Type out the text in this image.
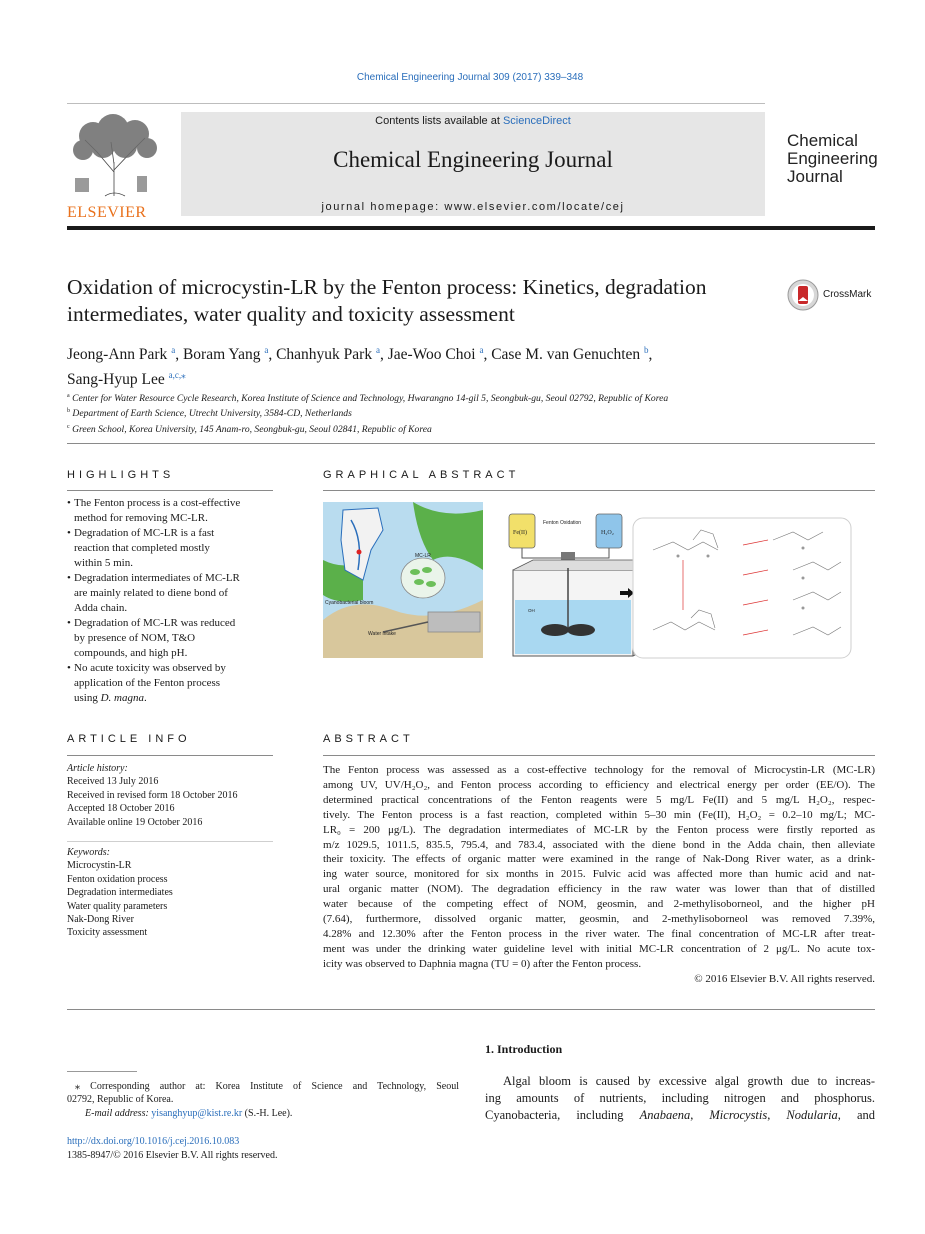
Chemical Engineering Journal 309 (2017) 339–348
ELSEVIER
Contents lists available at ScienceDirect
Chemical Engineering Journal
journal homepage: www.elsevier.com/locate/cej
Chemical
Engineering
Journal
Oxidation of microcystin-LR by the Fenton process: Kinetics, degradation
intermediates, water quality and toxicity assessment
CrossMark
Jeong-Ann Park $^a$, Boram Yang $^a$, Chanhyuk Park $^a$, Jae-Woo Choi $^a$, Case M. van Genuchten $^b$,
Sang-Hyup Lee $^{a,c,⁎}$
$^a$ Center for Water Resource Cycle Research, Korea Institute of Science and Technology, Hwarangno 14-gil 5, Seongbuk-gu, Seoul 02792, Republic of Korea
$^b$ Department of Earth Science, Utrecht University, 3584-CD, Netherlands
$^c$ Green School, Korea University, 145 Anam-ro, Seongbuk-gu, Seoul 02841, Republic of Korea
HIGHLIGHTS
• The Fenton process is a cost-effective
method for removing MC-LR.
• Degradation of MC-LR is a fast
reaction that completed mostly
within 5 min.
• Degradation intermediates of MC-LR
are mainly related to diene bond of
Adda chain.
• Degradation of MC-LR was reduced
by presence of NOM, T&O
compounds, and high pH.
• No acute toxicity was observed by
application of the Fenton process
using D. magna.
GRAPHICAL ABSTRACT
Cyanobacterial bloom
Water intake
MC-LR
Fe(II)	H₂O₂
Fenton Oxidation
OH
ARTICLE INFO
Article history:
Received 13 July 2016
Received in revised form 18 October 2016
Accepted 18 October 2016
Available online 19 October 2016
Keywords:
Microcystin-LR
Fenton oxidation process
Degradation intermediates
Water quality parameters
Nak-Dong River
Toxicity assessment
ABSTRACT
The Fenton process was assessed as a cost-effective technology for the removal of Microcystin-LR (MC-LR)
among UV, UV/H₂O₂, and Fenton process according to efficiency and electrical energy per order (EE/O). The
determined practical concentrations of the Fenton reagents were 5 mg/L Fe(II) and 5 mg/L H₂O₂, respec-
tively. The Fenton process is a fast reaction, completed within 5–30 min (Fe(II), H₂O₂ = 0.2–10 mg/L; MC-
LR₀ = 200 μg/L). The degradation intermediates of MC-LR by the Fenton process were firstly reported as
m/z 1029.5, 1011.5, 835.5, 795.4, and 783.4, associated with the diene bond in the Adda chain, then alleviate
their toxicity. The effects of organic matter were examined in the range of Nak-Dong River water, as a drink-
ing water source, monitored for six months in 2015. Fulvic acid was affected more than humic acid and nat-
ural organic matter (NOM). The degradation efficiency in the raw water was lower than that of distilled
water because of the competing effect of NOM, geosmin, and 2-methylisoborneol, and the higher pH
(7.64), furthermore, dissolved organic matter, geosmin, and 2-methylisoborneol was removed 7.39%,
4.28% and 12.30% after the Fenton process in the river water. The final concentration of MC-LR after treat-
ment was under the drinking water guideline level with initial MC-LR concentration of 2 μg/L. No acute tox-
icity was observed to Daphnia magna (TU = 0) after the Fenton process.
© 2016 Elsevier B.V. All rights reserved.
1. Introduction
Algal bloom is caused by excessive algal growth due to increas-
ing amounts of nutrients, including nitrogen and phosphorus.
Cyanobacteria, including Anabaena, Microcystis, Nodularia, and
⁎ Corresponding author at: Korea Institute of Science and Technology, Seoul
02792, Republic of Korea.
E-mail address: yisanghyup@kist.re.kr (S.-H. Lee).
http://dx.doi.org/10.1016/j.cej.2016.10.083
1385-8947/© 2016 Elsevier B.V. All rights reserved.
